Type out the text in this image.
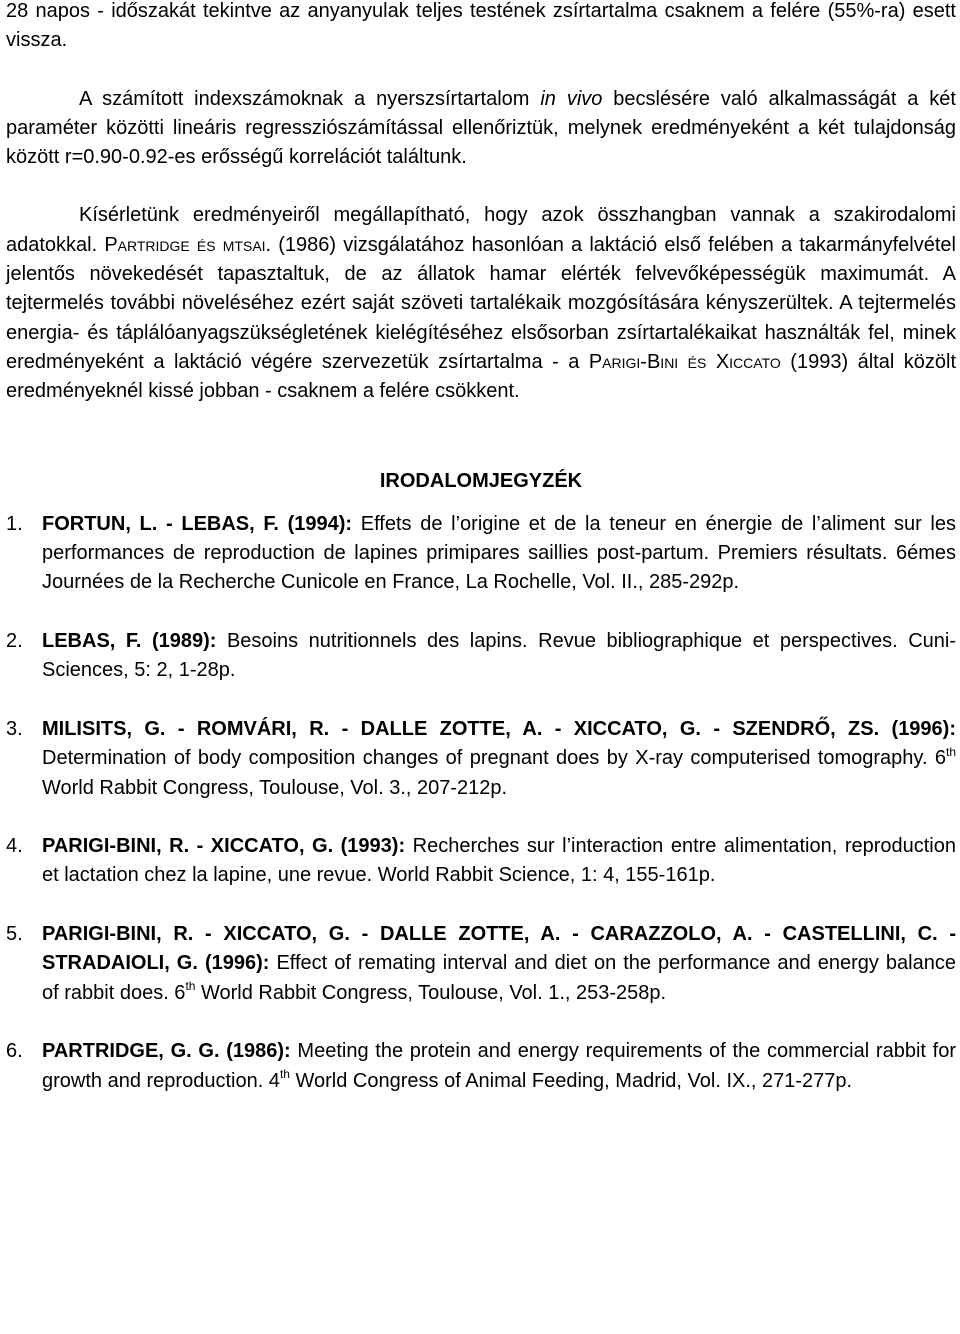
28 napos - időszakát tekintve az anyanyulak teljes testének zsírtartalma csaknem a felére (55%-ra) esett vissza.

A számított indexszámoknak a nyerszsírtartalom in vivo becslésére való alkalmasságát a két paraméter közötti lineáris regressziószámítással ellenőriztük, melynek eredményeként a két tulajdonság között r=0.90-0.92-es erősségű korrelációt találtunk.

Kísérletünk eredményeiről megállapítható, hogy azok összhangban vannak a szakirodalomi adatokkal. Partridge és mtsai. (1986) vizsgálatához hasonlóan a laktáció első felében a takarmányfelvétel jelentős növekedését tapasztaltuk, de az állatok hamar elérték felvevőképességük maximumát. A tejtermelés további növeléséhez ezért saját szöveti tartalékaik mozgósítására kényszerültek. A tejtermelés energia- és táplálóanyagszükségletének kielégítéséhez elsősorban zsírtartalékaikat használták fel, minek eredményeként a laktáció végére szervezetük zsírtartalma - a Parigi-Bini és Xiccato (1993) által közölt eredményeknél kissé jobban - csaknem a felére csökkent.

IRODALOMJEGYZÉK
1. FORTUN, L. - LEBAS, F. (1994): Effets de l’origine et de la teneur en énergie de l’aliment sur les performances de reproduction de lapines primipares saillies post-partum. Premiers résultats. 6émes Journées de la Recherche Cunicole en France, La Rochelle, Vol. II., 285-292p.
2. LEBAS, F. (1989): Besoins nutritionnels des lapins. Revue bibliographique et perspectives. Cuni-Sciences, 5: 2, 1-28p.
3. MILISITS, G. - ROMVÁRI, R. - DALLE ZOTTE, A. - XICCATO, G. - SZENDRŐ, ZS. (1996): Determination of body composition changes of pregnant does by X-ray computerised tomography. 6th World Rabbit Congress, Toulouse, Vol. 3., 207-212p.
4. PARIGI-BINI, R. - XICCATO, G. (1993): Recherches sur l’interaction entre alimentation, reproduction et lactation chez la lapine, une revue. World Rabbit Science, 1: 4, 155-161p.
5. PARIGI-BINI, R. - XICCATO, G. - DALLE ZOTTE, A. - CARAZZOLO, A. - CASTELLINI, C. - STRADAIOLI, G. (1996): Effect of remating interval and diet on the performance and energy balance of rabbit does. 6th World Rabbit Congress, Toulouse, Vol. 1., 253-258p.
6. PARTRIDGE, G. G. (1986): Meeting the protein and energy requirements of the commercial rabbit for growth and reproduction. 4th World Congress of Animal Feeding, Madrid, Vol. IX., 271-277p.
